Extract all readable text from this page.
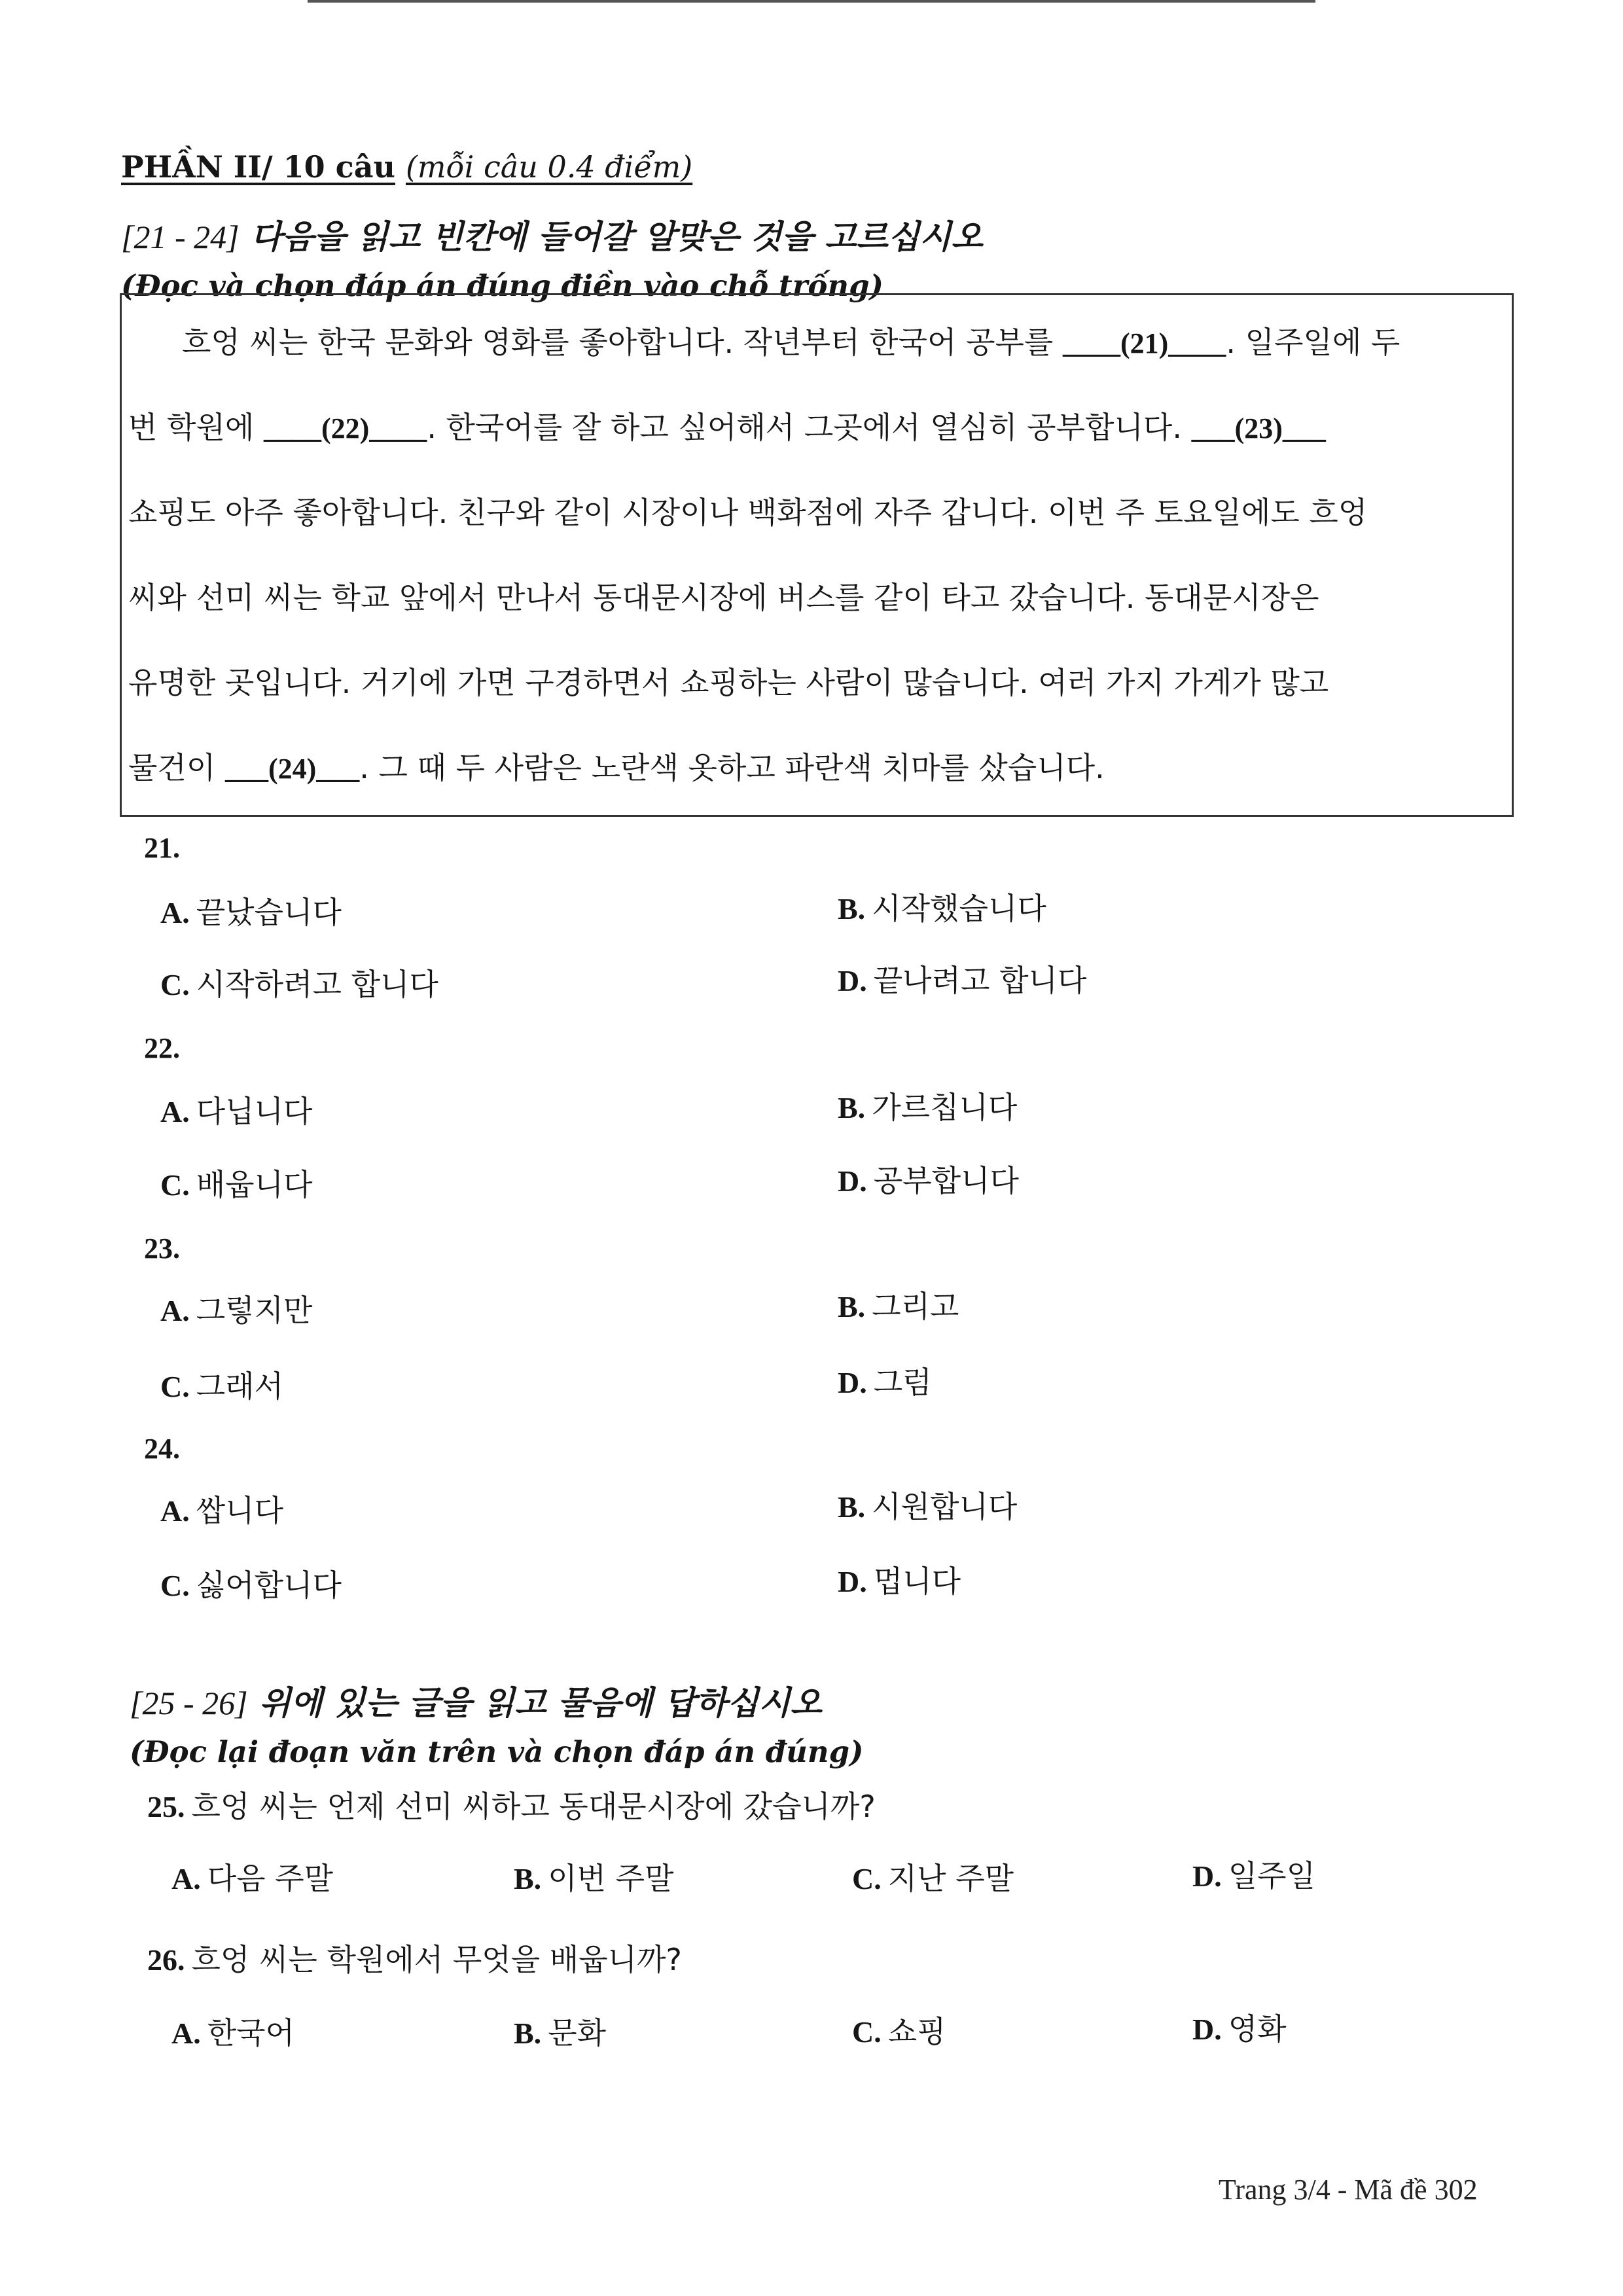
PHẦN II/ 10 câu (mỗi câu 0.4 điểm)
[21 - 24] 다음을 읽고 빈칸에 들어갈 알맞은 것을 고르십시오
(Đọc và chọn đáp án đúng điền vào chỗ trống)
흐엉 씨는 한국 문화와 영화를 좋아합니다. 작년부터 한국어 공부를 ____(21)____. 일주일에 두
번 학원에 ____(22)____. 한국어를 잘 하고 싶어해서 그곳에서 열심히 공부합니다. ___(23)___
쇼핑도 아주 좋아합니다. 친구와 같이 시장이나 백화점에 자주 갑니다. 이번 주 토요일에도 흐엉
씨와 선미 씨는 학교 앞에서 만나서 동대문시장에 버스를 같이 타고 갔습니다. 동대문시장은
유명한 곳입니다. 거기에 가면 구경하면서 쇼핑하는 사람이 많습니다. 여러 가지 가게가 많고
물건이 ___(24)___. 그 때 두 사람은 노란색 옷하고 파란색 치마를 샀습니다.
21.
A. 끝났습니다	B. 시작했습니다
C. 시작하려고 합니다	D. 끝나려고 합니다
22.
A. 다닙니다	B. 가르칩니다
C. 배웁니다	D. 공부합니다
23.
A. 그렇지만	B. 그리고
C. 그래서	D. 그럼
24.
A. 쌉니다	B. 시원합니다
C. 싫어합니다	D. 멉니다
[25 - 26] 위에 있는 글을 읽고 물음에 답하십시오
(Đọc lại đoạn văn trên và chọn đáp án đúng)
25. 흐엉 씨는 언제 선미 씨하고 동대문시장에 갔습니까?
A. 다음 주말	B. 이번 주말	C. 지난 주말	D. 일주일
26. 흐엉 씨는 학원에서 무엇을 배웁니까?
A. 한국어	B. 문화	C. 쇼핑	D. 영화
Trang 3/4 - Mã đề 302
